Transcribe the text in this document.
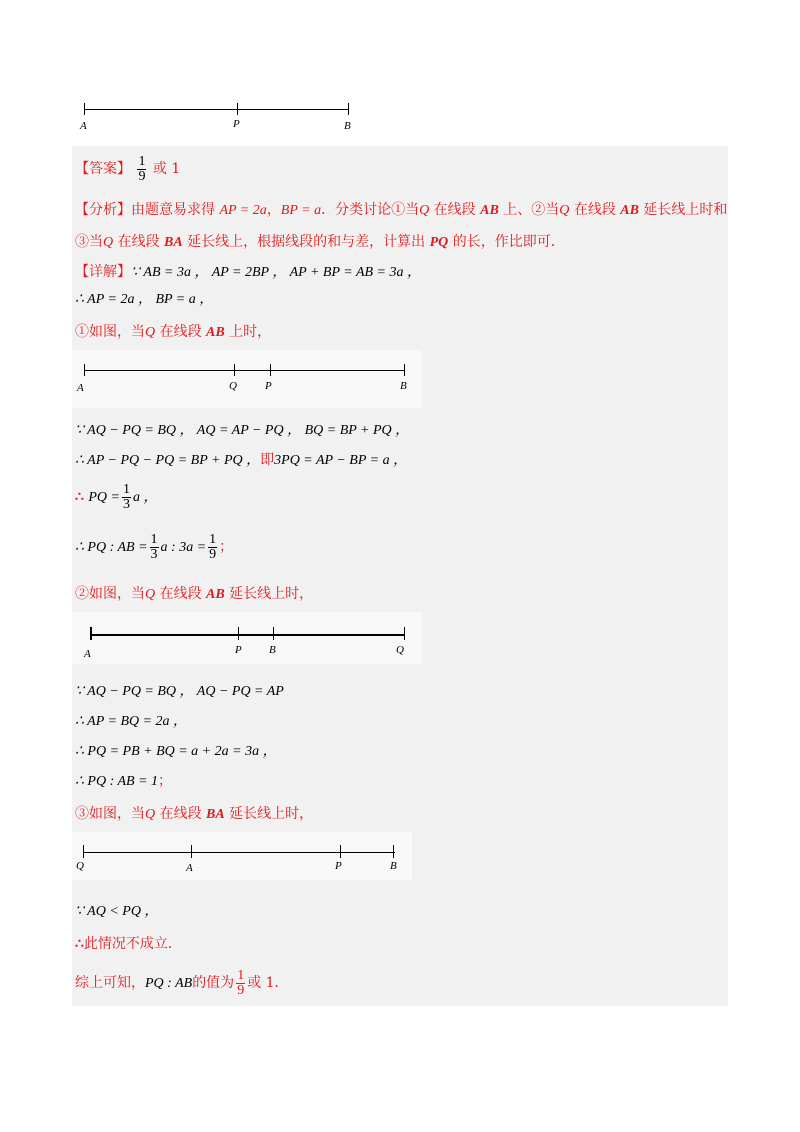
A	P	B
【答案】 $\frac{1}{9}$ 或 1
【分析】由题意易求得 AP = 2a，BP = a．分类讨论①当Q 在线段 AB 上、②当Q 在线段 AB 延长线上时和
③当Q 在线段 BA 延长线上，根据线段的和与差，计算出 PQ 的长，作比即可．
【详解】∵ AB = 3a ， AP = 2BP ， AP + BP = AB = 3a ，
∴ AP = 2a ， BP = a ，
①如图，当Q 在线段 AB 上时，
A	Q	P	B
∵ AQ − PQ = BQ ， AQ = AP − PQ ， BQ = BP + PQ ，
∴ AP − PQ − PQ = BP + PQ ，即3PQ = AP − BP = a ，
∴ PQ = $\frac{1}{3}$ a ，
∴ PQ : AB = $\frac{1}{3}$ a : $3a = \frac{1}{9}$ ；
②如图，当Q 在线段 AB 延长线上时，
A	P B	Q
∵ AQ − PQ = BQ ， AQ − PQ = AP
∴ AP = BQ = 2a ，
∴ PQ = PB + BQ = a + 2a = 3a ，
∴ PQ : AB = 1；
③如图，当Q 在线段 BA 延长线上时，
Q	A	P	B
∵ AQ < PQ ，
∴此情况不成立．
综上可知，PQ : AB的值为 $\frac{1}{9}$ 或 1．
